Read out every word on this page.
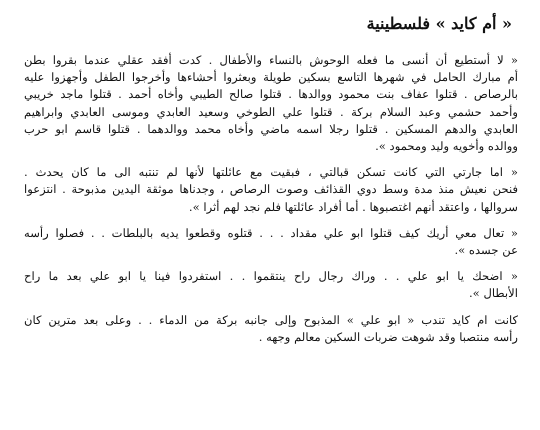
« أم كايد » فلسطينية
« لا أستطيع أن أنسى ما فعله الوحوش بالنساء والأطفال . كدت أفقد عقلي عندما بقروا بطن
أم مبارك الحامل في شهرها التاسع بسكين طويلة وبعثروا أحشاءها وأخرجوا الطفل وأجهزوا عليه
بالرصاص . قتلوا عفاف بنت محمود ووالدها . قتلوا صالح الطيبي وأخاه أحمد . قتلوا ماجد خريبي
وأحمد حشمي وعبد السلام بركة . قتلوا علي الطوخي وسعيد العابدي وموسى العابدي وابراهيم
العابدي والدهم المسكين . قتلوا رجلا اسمه ماضي وأخاه محمد ووالدهما . قتلوا قاسم ابو حرب
ووالده وأخويه وليد ومحمود ».
« اما جارتي التي كانت تسكن قبالتي ، فبقيت مع عائلتها لأنها لم تنتبه الى ما كان يحدث .
فنحن نعيش منذ مدة وسط دوي القذائف وصوت الرصاص ، وجدناها موثقة اليدين مذبوحة . انتزعوا
سروالها ، واعتقد أنهم اغتصبوها . أما أفراد عائلتها فلم نجد لهم أثرا ».
« تعال معي أريك كيف قتلوا ابو علي مقداد . . . قتلوه وقطعوا يديه بالبلطات . . فصلوا رأسه
عن جسده ».
« اضحك يا ابو علي . . وراك رجال راح ينتقموا . . استفردوا فينا يا ابو علي بعد ما راح
الأبطال ».
كانت ام كايد تندب « ابو علي » المذبوح وإلى جانبه بركة من الدماء . . وعلى بعد مترين كان
رأسه منتصبا وقد شوهت ضربات السكين معالم وجهه .
